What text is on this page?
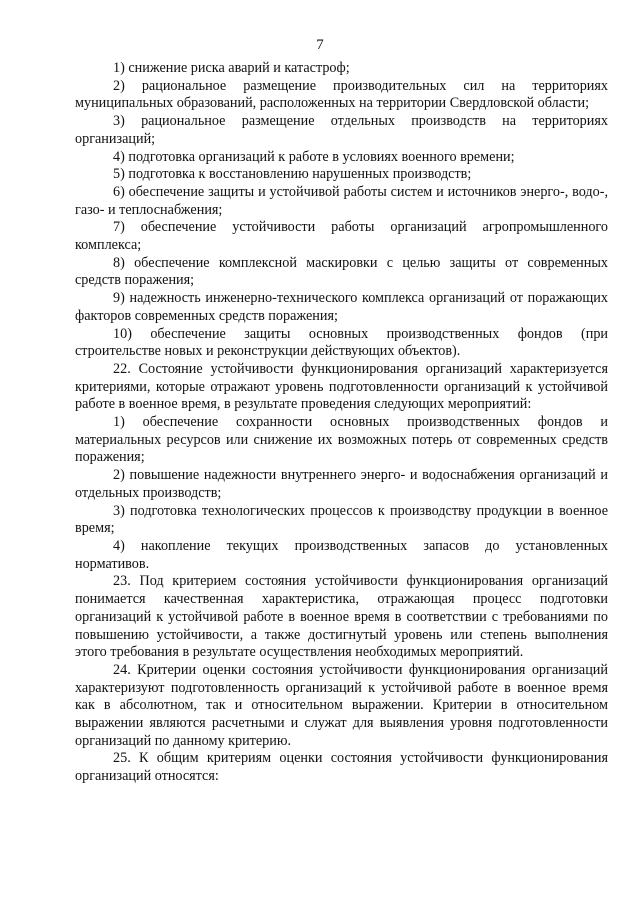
7

1) снижение риска аварий и катастроф;

2) рациональное размещение производительных сил на территориях муниципальных образований, расположенных на территории Свердловской области;

3) рациональное размещение отдельных производств на территориях организаций;

4) подготовка организаций к работе в условиях военного времени;

5) подготовка к восстановлению нарушенных производств;

6) обеспечение защиты и устойчивой работы систем и источников энерго-, водо-, газо- и теплоснабжения;

7) обеспечение устойчивости работы организаций агропромышленного комплекса;

8) обеспечение комплексной маскировки с целью защиты от современных средств поражения;

9) надежность инженерно-технического комплекса организаций от поражающих факторов современных средств поражения;

10) обеспечение защиты основных производственных фондов (при строительстве новых и реконструкции действующих объектов).

22. Состояние устойчивости функционирования организаций характеризуется критериями, которые отражают уровень подготовленности организаций к устойчивой работе в военное время, в результате проведения следующих мероприятий:

1) обеспечение сохранности основных производственных фондов и материальных ресурсов или снижение их возможных потерь от современных средств поражения;

2) повышение надежности внутреннего энерго- и водоснабжения организаций и отдельных производств;

3) подготовка технологических процессов к производству продукции в военное время;

4) накопление текущих производственных запасов до установленных нормативов.

23. Под критерием состояния устойчивости функционирования организаций понимается качественная характеристика, отражающая процесс подготовки организаций к устойчивой работе в военное время в соответствии с требованиями по повышению устойчивости, а также достигнутый уровень или степень выполнения этого требования в результате осуществления необходимых мероприятий.

24. Критерии оценки состояния устойчивости функционирования организаций характеризуют подготовленность организаций к устойчивой работе в военное время как в абсолютном, так и относительном выражении. Критерии в относительном выражении являются расчетными и служат для выявления уровня подготовленности организаций по данному критерию.

25. К общим критериям оценки состояния устойчивости функционирования организаций относятся:
